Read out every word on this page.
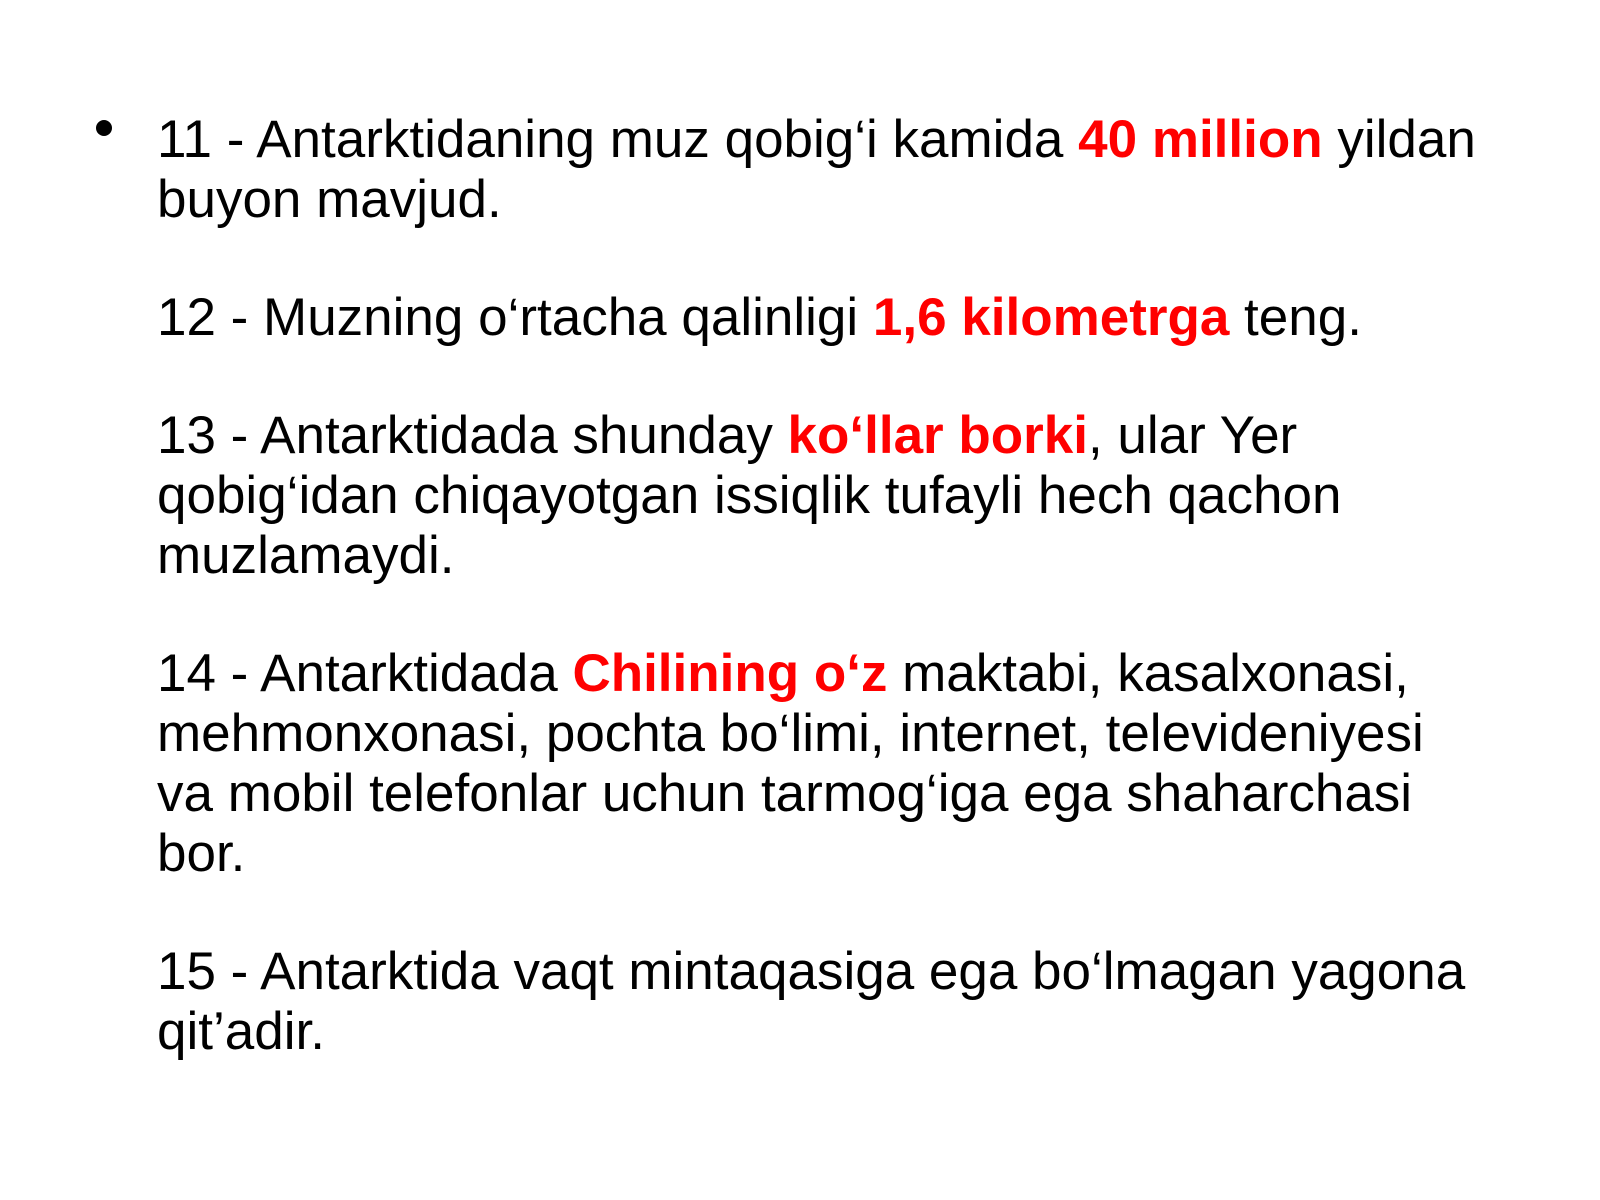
11 - Antarktidaning muz qobig‘i kamida 40 million yildan buyon mavjud.

12 - Muzning o‘rtacha qalinligi 1,6 kilometrga teng.

13 - Antarktidada shunday ko‘llar borki, ular Yer qobig‘idan chiqayotgan issiqlik tufayli hech qachon muzlamaydi.

14 - Antarktidada Chilining o‘z maktabi, kasalxonasi, mehmonxonasi, pochta bo‘limi, internet, televideniyesi va mobil telefonlar uchun tarmog‘iga ega shaharchasi bor.

15 - Antarktida vaqt mintaqasiga ega bo‘lmagan yagona qit’adir.
